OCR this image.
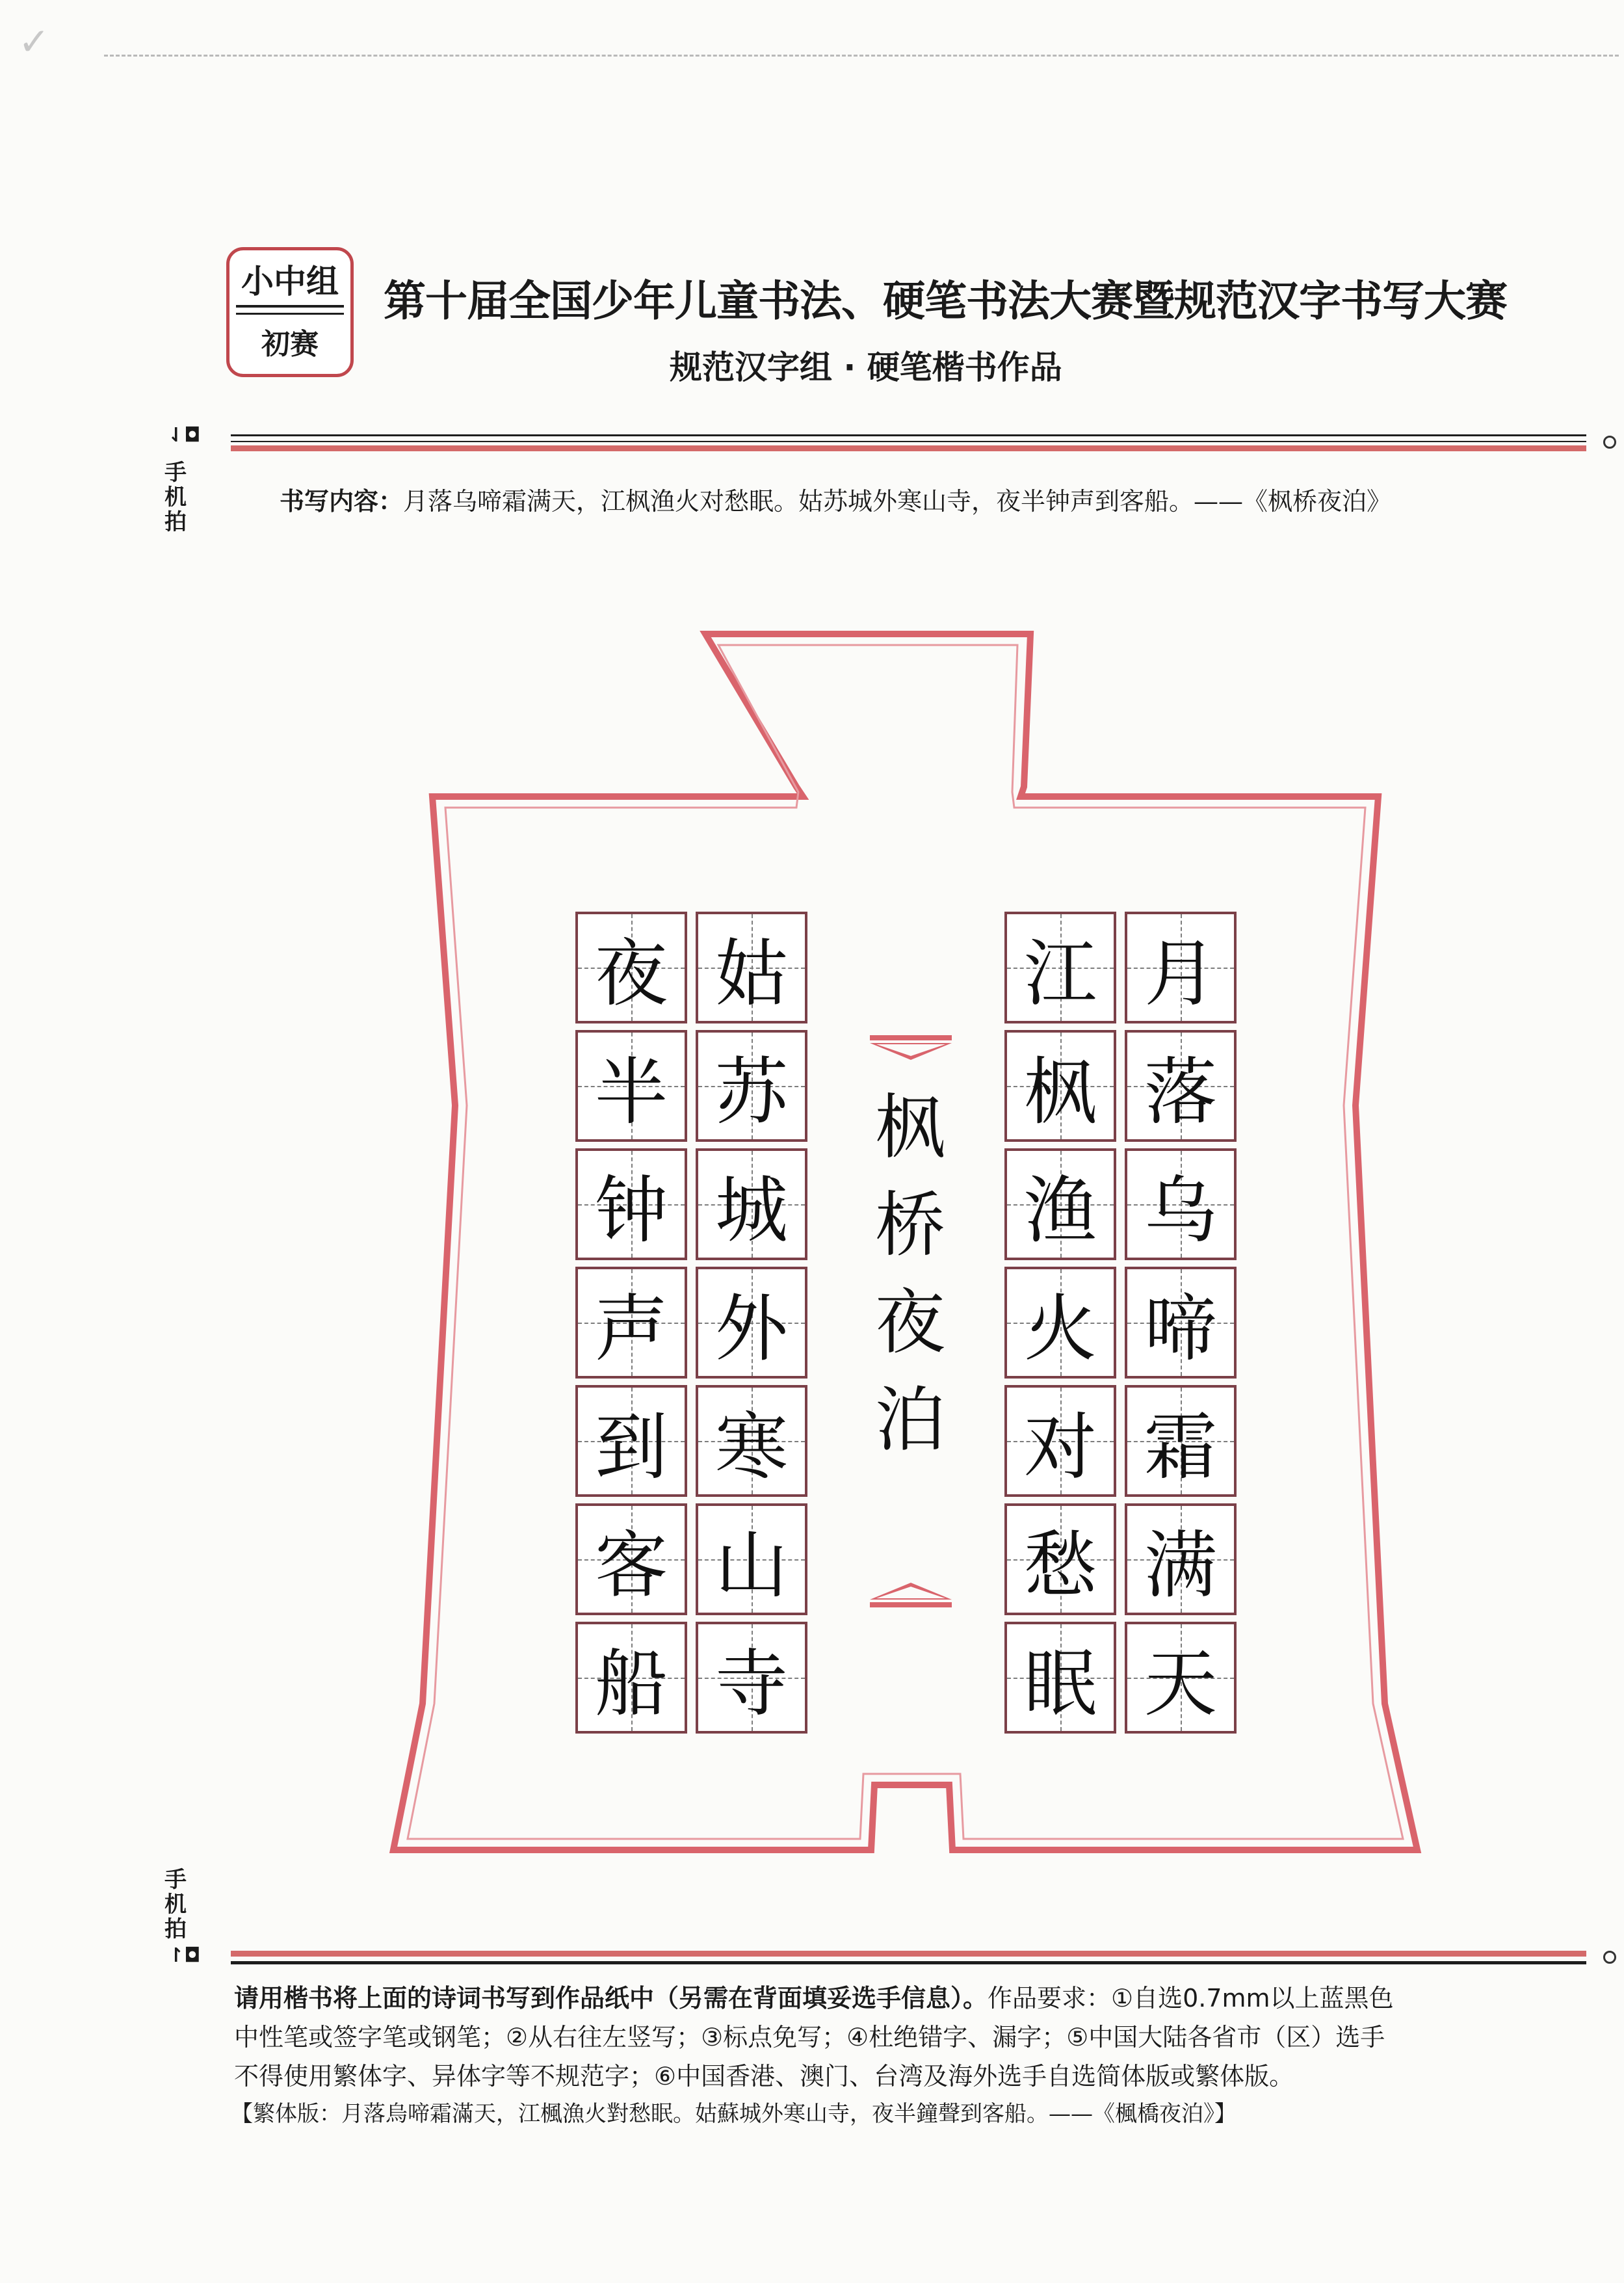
✓
小中组
初赛
第十届全国少年儿童书法、硬笔书法大赛暨规范汉字书写大赛
规范汉字组 · 硬笔楷书作品
⇃◘
手机拍
书写内容：月落乌啼霜满天，江枫渔火对愁眠。姑苏城外寒山寺，夜半钟声到客船。——《枫桥夜泊》
枫
桥
夜
泊
夜
半
钟
声
到
客
船
姑
苏
城
外
寒
山
寺
江
枫
渔
火
对
愁
眠
月
落
乌
啼
霜
满
天
手机拍
↾◘
请用楷书将上面的诗词书写到作品纸中（另需在背面填妥选手信息）。作品要求：①自选0.7mm以上蓝黑色
中性笔或签字笔或钢笔；②从右往左竖写；③标点免写；④杜绝错字、漏字；⑤中国大陆各省市（区）选手
不得使用繁体字、异体字等不规范字；⑥中国香港、澳门、台湾及海外选手自选简体版或繁体版。
【繁体版：月落烏啼霜滿天，江楓漁火對愁眠。姑蘇城外寒山寺，夜半鐘聲到客船。——《楓橋夜泊》】
